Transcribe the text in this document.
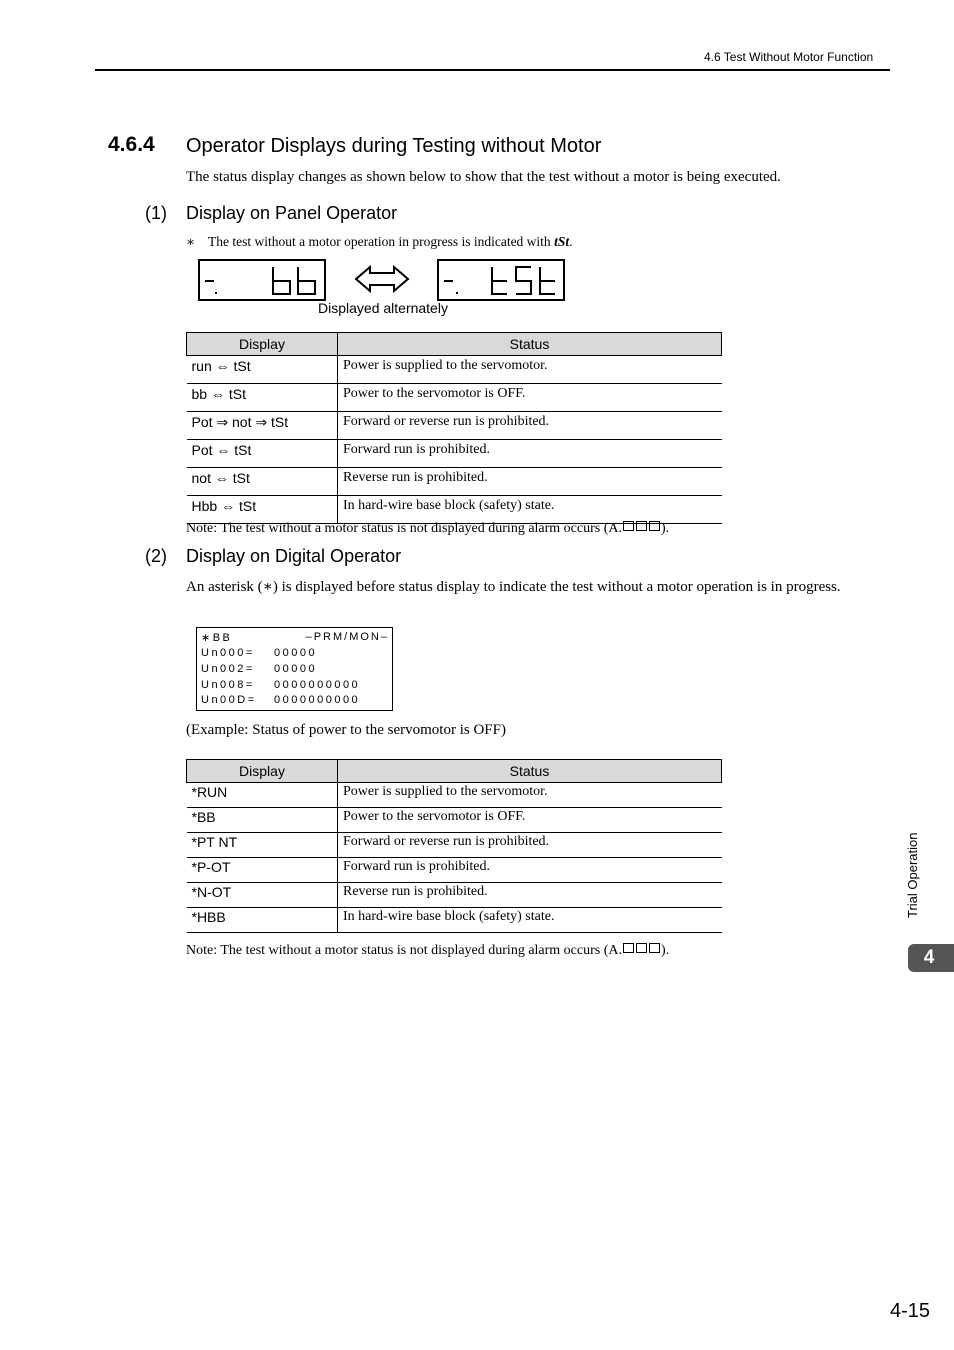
4.6 Test Without Motor Function
4.6.4 Operator Displays during Testing without Motor
The status display changes as shown below to show that the test without a motor is being executed.
(1) Display on Panel Operator
∗ The test without a motor operation in progress is indicated with tSt.
Displayed alternately
Display	Status
run ⇔ tSt	Power is supplied to the servomotor.
bb ⇔ tSt	Power to the servomotor is OFF.
Pot ⇒ not ⇒ tSt	Forward or reverse run is prohibited.
Pot ⇔ tSt	Forward run is prohibited.
not ⇔ tSt	Reverse run is prohibited.
Hbb ⇔ tSt	In hard-wire base block (safety) state.
Note: The test without a motor status is not displayed during alarm occurs (A.	).
(2) Display on Digital Operator
An asterisk (∗) is displayed before status display to indicate the test without a motor operation is in progress.
∗BB	–PRM/MON–
Un000= 00000
Un002= 00000
Un008= 0000000000
Un00D= 0000000000
(Example: Status of power to the servomotor is OFF)
Display	Status
*RUN	Power is supplied to the servomotor.
*BB	Power to the servomotor is OFF.
*PT NT	Forward or reverse run is prohibited.
*P-OT	Forward run is prohibited.
*N-OT	Reverse run is prohibited.
*HBB	In hard-wire base block (safety) state.
Note: The test without a motor status is not displayed during alarm occurs (A.	).
Trial Operation
4
4-15
